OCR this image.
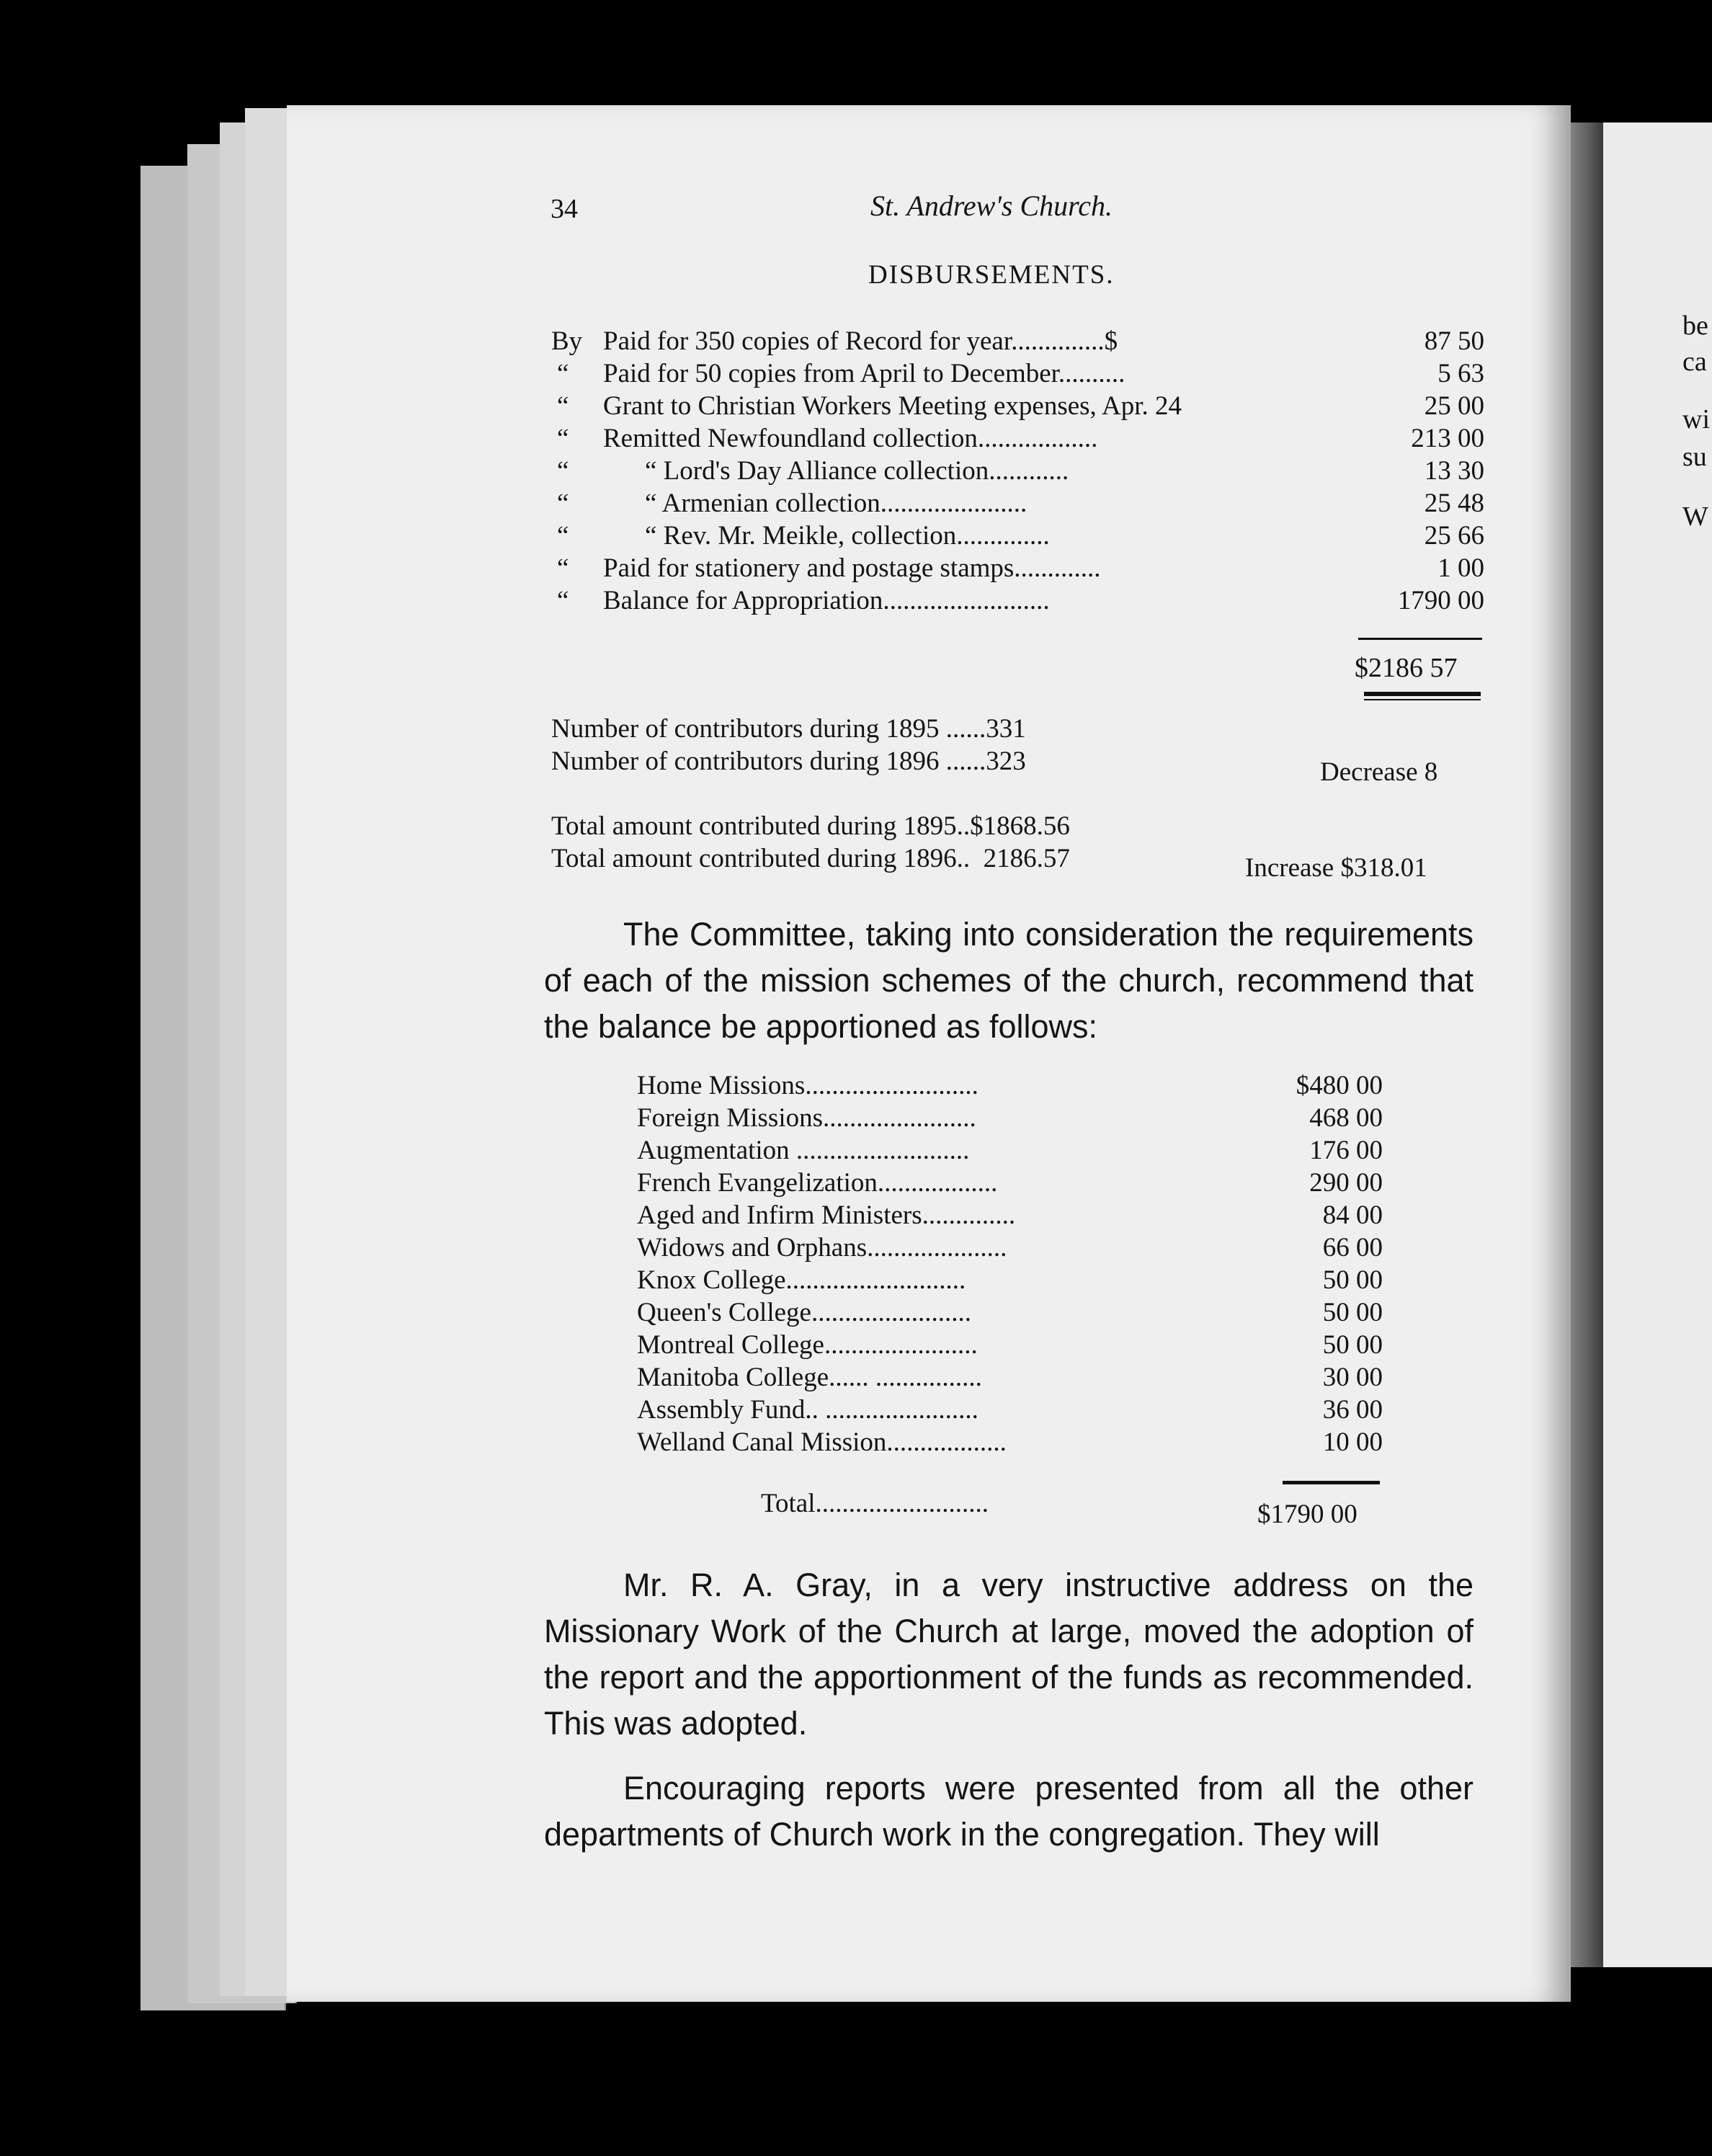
be
ca
wi
su
W
34	St. Andrew's Church.
DISBURSEMENTS.
By Paid for 350 copies of Record for year..............$	87 50
“ Paid for 50 copies from April to December..........	5 63
“ Grant to Christian Workers Meeting expenses, Apr. 24	25 00
“ Remitted Newfoundland collection..................	213 00
“	“ Lord's Day Alliance collection............	13 30
“	“ Armenian collection......................	25 48
“	“ Rev. Mr. Meikle, collection..............	25 66
“ Paid for stationery and postage stamps.............	1 00
“ Balance for Appropriation.........................	1790 00
$2186 57
Number of contributors during 1895 ......331
Number of contributors during 1896 ......323	Decrease 8
Total amount contributed during 1895..$1868.56
Total amount contributed during 1896..  2186.57	Increase $318.01
The Committee, taking into consideration the requirements of each of the mission schemes of the church, recommend that the balance be apportioned as follows:
Home Missions..........................	$480 00
Foreign Missions.......................	468 00
Augmentation ..........................	176 00
French Evangelization..................	290 00
Aged and Infirm Ministers..............	84 00
Widows and Orphans.....................	66 00
Knox College...........................	50 00
Queen's College........................	50 00
Montreal College.......................	50 00
Manitoba College...... ................	30 00
Assembly Fund.. .......................	36 00
Welland Canal Mission..................	10 00
Total..........................	$1790 00
Mr. R. A. Gray, in a very instructive address on the Missionary Work of the Church at large, moved the adoption of the report and the apportionment of the funds as recommended. This was adopted.
Encouraging reports were presented from all the other departments of Church work in the congregation. They will
